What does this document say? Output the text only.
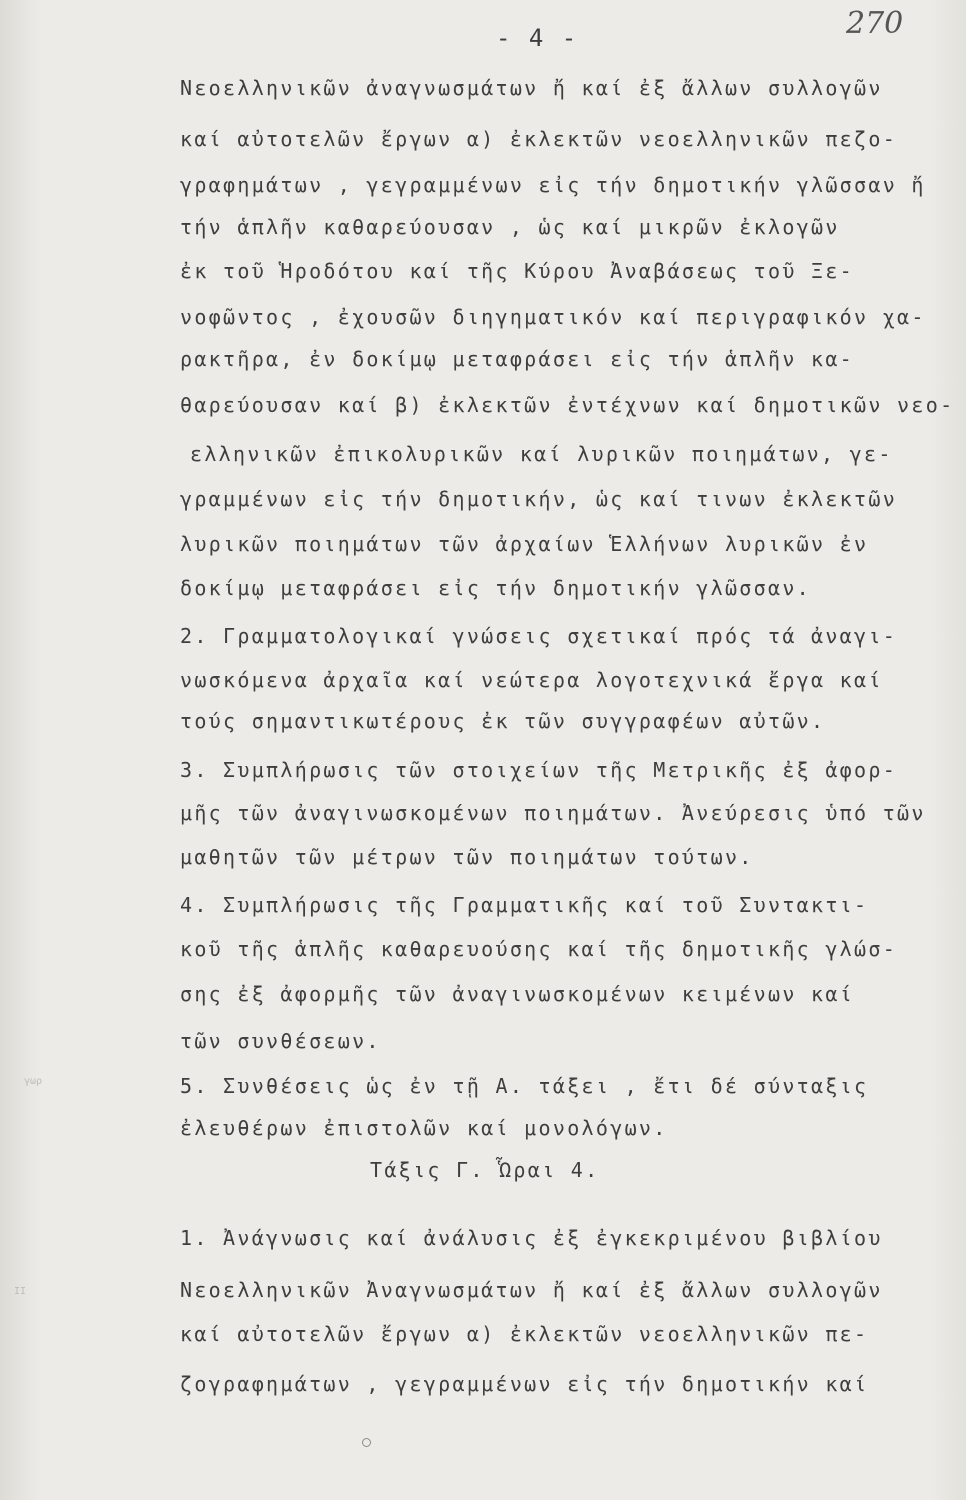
- 4 -	270
Νεοελληνικῶν ἀναγνωσμάτων ἤ καί ἐξ ἄλλων συλλογῶν
καί αὐτοτελῶν ἔργων α) ἐκλεκτῶν νεοελληνικῶν πεζο-
γραφημάτων , γεγραμμένων εἰς τήν δημοτικήν γλῶσσαν ἤ
τήν ἁπλῆν καθαρεύουσαν , ὡς καί μικρῶν ἐκλογῶν
ἐκ τοῦ Ἡροδότου καί τῆς Κύρου Ἀναβάσεως τοῦ Ξε-
νοφῶντος , ἐχουσῶν διηγηματικόν καί περιγραφικόν χα-
ρακτῆρα, ἐν δοκίμῳ μεταφράσει εἰς τήν ἁπλῆν κα-
θαρεύουσαν καί β) ἐκλεκτῶν ἐντέχνων καί δημοτικῶν νεο-
ελληνικῶν ἐπικολυρικῶν καί λυρικῶν ποιημάτων, γε-
γραμμένων εἰς τήν δημοτικήν, ὡς καί τινων ἐκλεκτῶν
λυρικῶν ποιημάτων τῶν ἀρχαίων Ἑλλήνων λυρικῶν ἐν
δοκίμῳ μεταφράσει εἰς τήν δημοτικήν γλῶσσαν.
2. Γραμματολογικαί γνώσεις σχετικαί πρός τά ἀναγι-
νωσκόμενα ἀρχαῖα καί νεώτερα λογοτεχνικά ἔργα καί
τούς σημαντικωτέρους ἐκ τῶν συγγραφέων αὐτῶν.
3. Συμπλήρωσις τῶν στοιχείων τῆς Μετρικῆς ἐξ ἀφορ-
μῆς τῶν ἀναγινωσκομένων ποιημάτων. Ἀνεύρεσις ὑπό τῶν
μαθητῶν τῶν μέτρων τῶν ποιημάτων τούτων.
4. Συμπλήρωσις τῆς Γραμματικῆς καί τοῦ Συντακτι-
κοῦ τῆς ἁπλῆς καθαρευούσης καί τῆς δημοτικῆς γλώσ-
σης ἐξ ἀφορμῆς τῶν ἀναγινωσκομένων κειμένων καί
τῶν συνθέσεων.
5. Συνθέσεις ὡς ἐν τῇ Α. τάξει , ἔτι δέ σύνταξις
ἐλευθέρων ἐπιστολῶν καί μονολόγων.
Τάξις Γ. Ὧραι 4.
1. Ἀνάγνωσις καί ἀνάλυσις ἐξ ἐγκεκριμένου βιβλίου
Νεοελληνικῶν Ἀναγνωσμάτων ἤ καί ἐξ ἄλλων συλλογῶν
καί αὐτοτελῶν ἔργων α) ἐκλεκτῶν νεοελληνικῶν πε-
ζογραφημάτων , γεγραμμένων εἰς τήν δημοτικήν καί
γωρ
ΙΙ
